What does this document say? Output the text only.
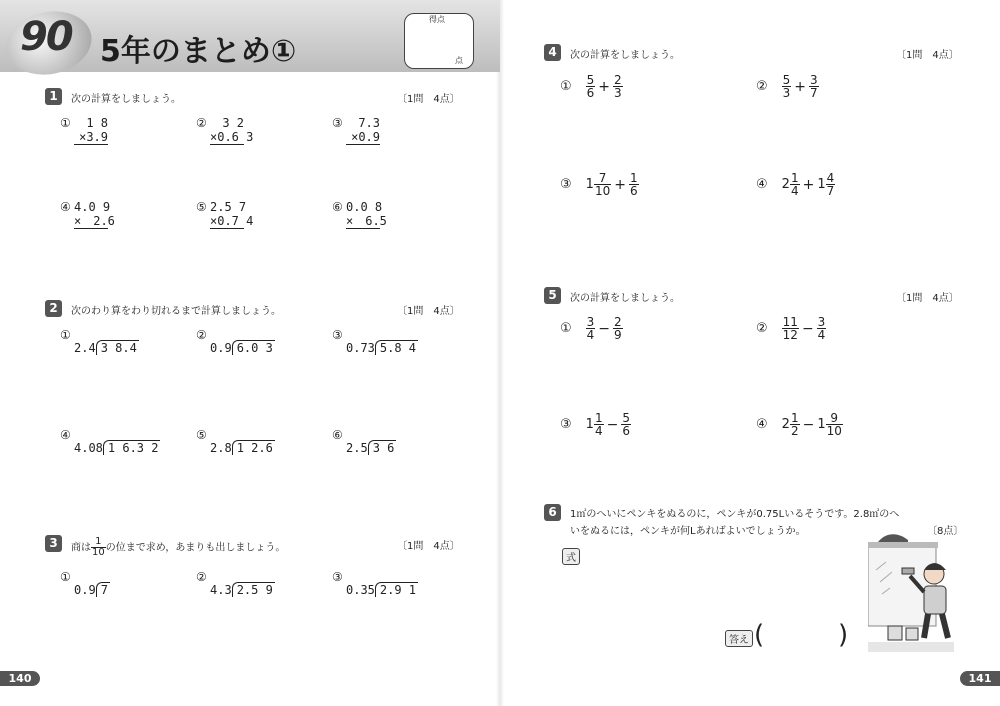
90 5年のまとめ①
得点
点
1	次の計算をしましょう。	〔1問　4点〕
①	1 8
×3.9
②	3 2
×0.6 3
③	7.3
×0.9
④ 4.0 9
×　2.6
⑤ 2.5 7
×0.7 4
⑥ 0.0 8
×　6.5
2	次のわり算をわり切れるまで計算しましょう。	〔1問　4点〕
①
2.4 3 8.4
②
0.9 6.0 3
③
0.73 5.8 4
④
4.08 1 6.3 2
⑤
2.8 1 2.6
⑥
2.5 3 6
3	商は $\frac{1}{10}$ の位まで求め，あまりも出しましょう。	〔1問　4点〕
①
0.9 7
②
4.3 2.5 9
③
0.35 2.9 1
140
4	次の計算をしましょう。	〔1問　4点〕
① $\frac{5}{6} + \frac{2}{3}$	② $\frac{5}{3} + \frac{3}{7}$
③ $1 \frac{7}{10} + \frac{1}{6}$	④ $2 \frac{1}{4} + 1 \frac{4}{7}$
5	次の計算をしましょう。	〔1問　4点〕
① $\frac{3}{4} - \frac{2}{9}$	② $\frac{11}{12} - \frac{3}{4}$
③ $1 \frac{1}{4} - \frac{5}{6}$	④ $2 \frac{1}{2} - 1 \frac{9}{10}$
6	1㎡のへいにペンキをぬるのに，ペンキが0.75Lいるそうです。2.8㎡のへ
いをぬるには，ペンキが何Lあればよいでしょうか。	〔8点〕
式
答え (	)
141
